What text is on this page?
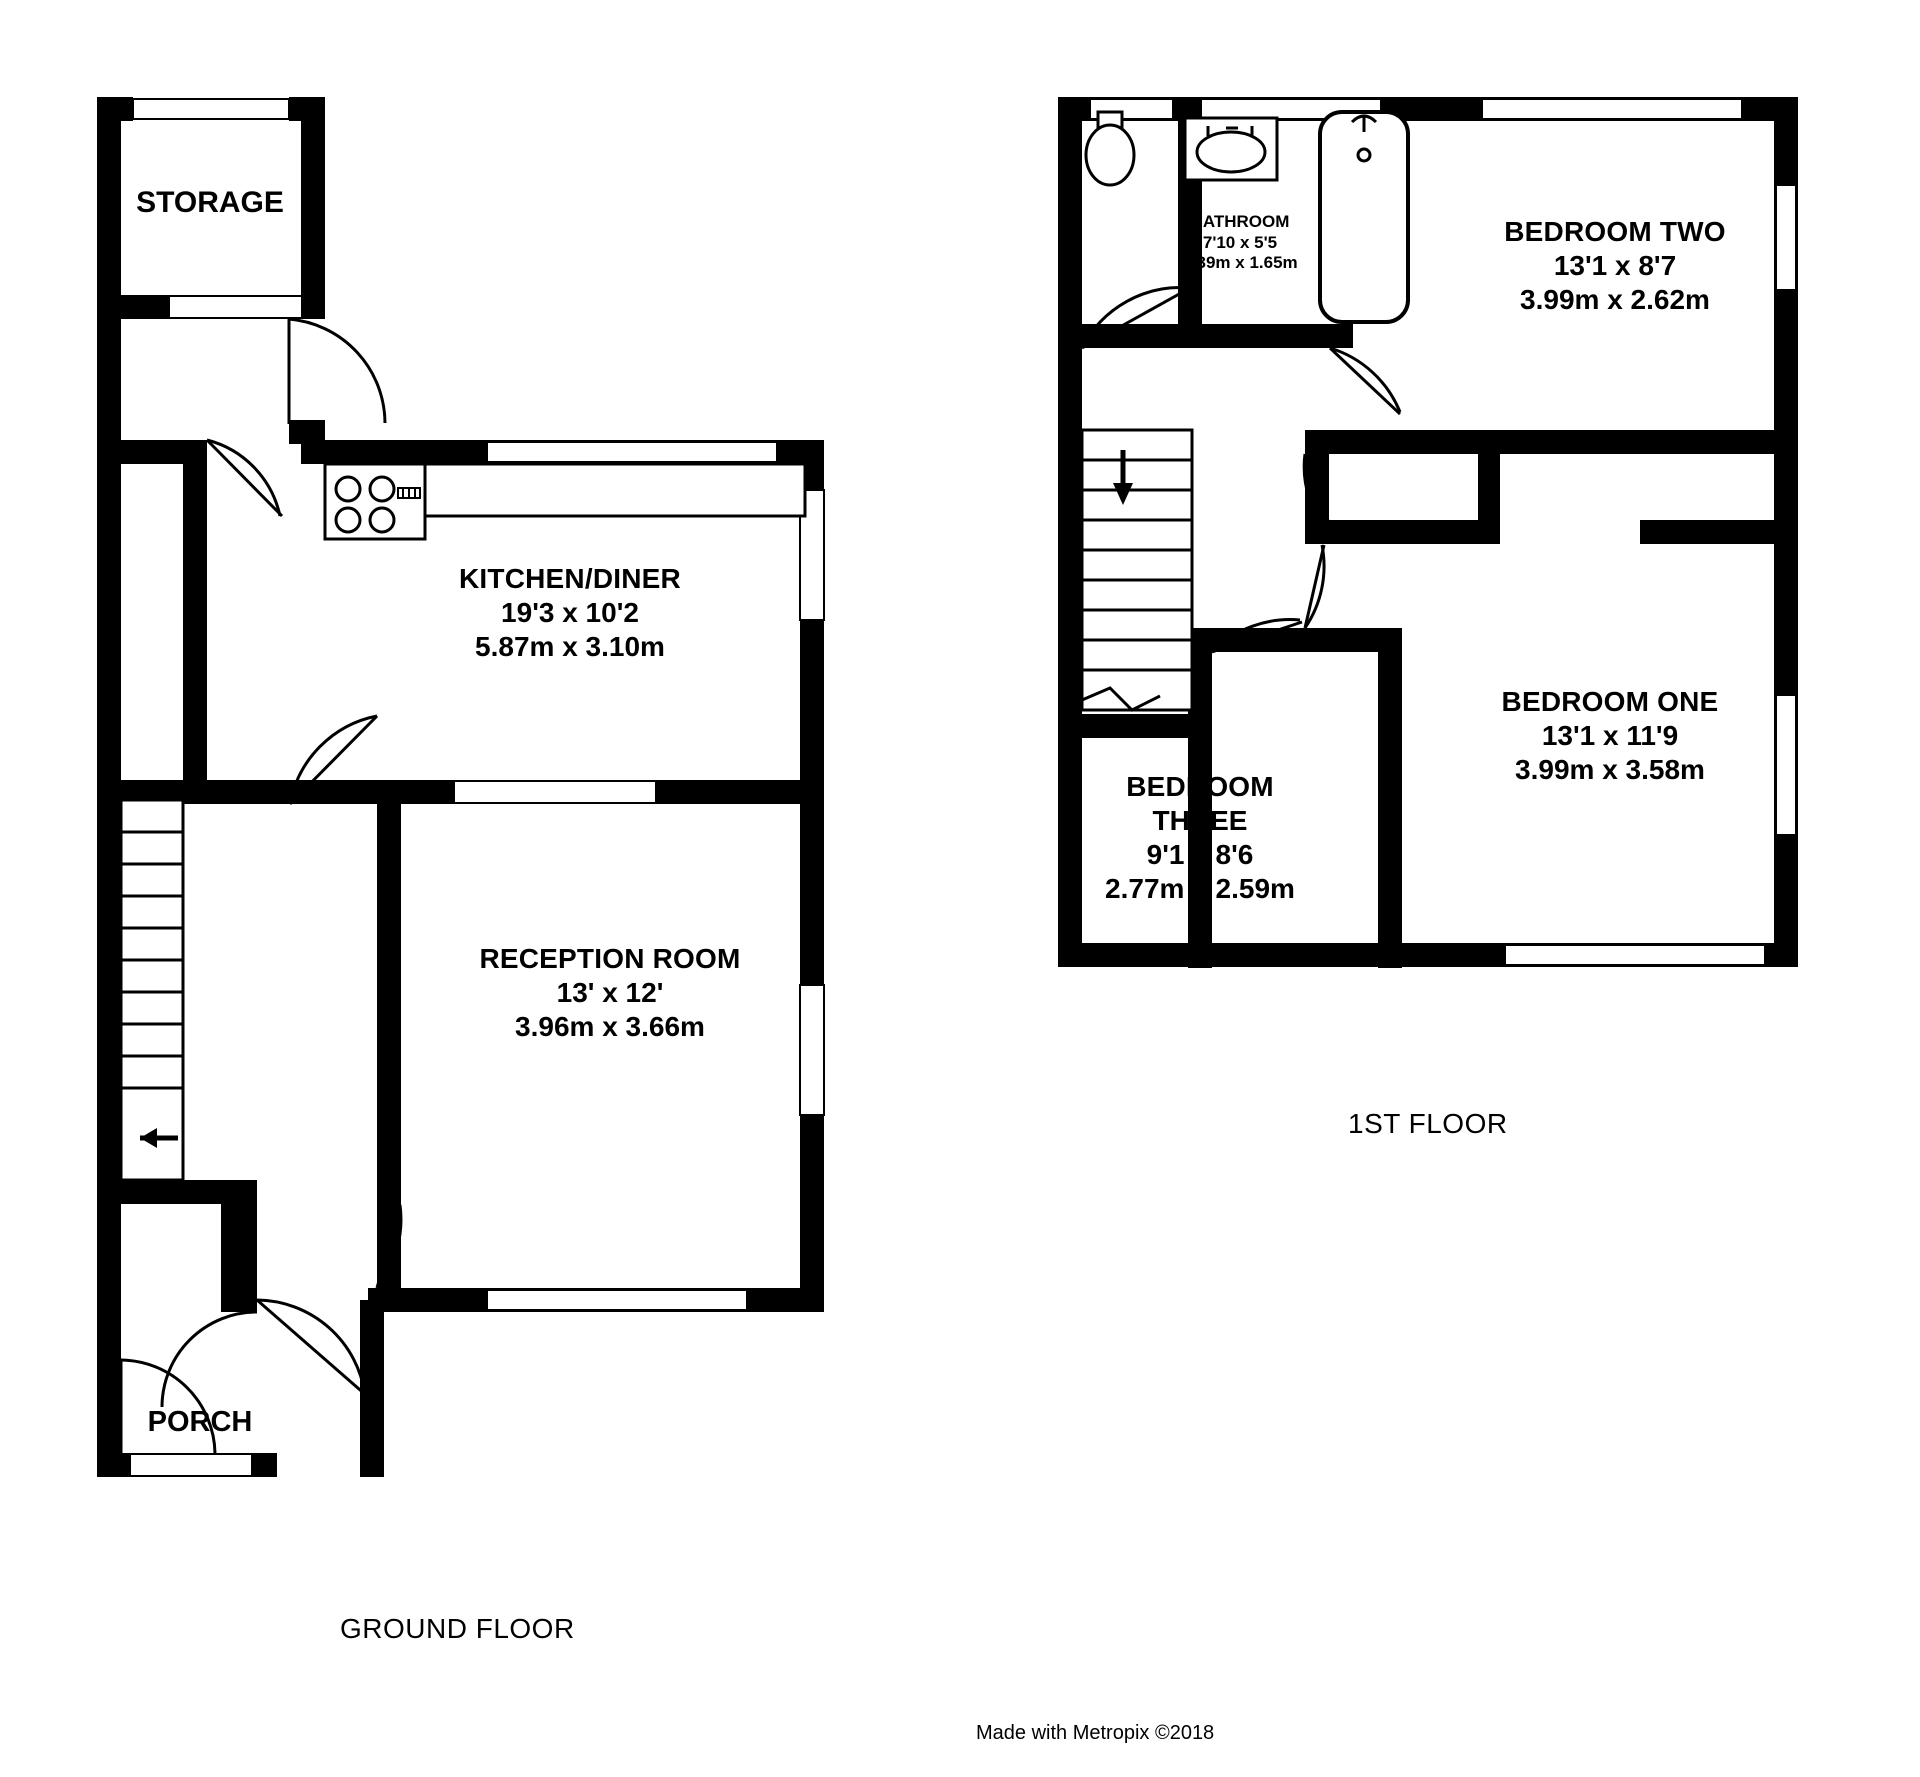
STORAGE
KITCHEN/DINER
19'3 x 10'2
5.87m x 3.10m
RECEPTION ROOM
13' x 12'
3.96m x 3.66m
PORCH
BATHROOM
7'10 x 5'5
2.39m x 1.65m
BEDROOM TWO
13'1 x 8'7
3.99m x 2.62m
BEDROOM ONE
13'1 x 11'9
3.99m x 3.58m
BEDROOM
THREE
9'1 x 8'6
2.77m x 2.59m
GROUND FLOOR
1ST FLOOR
Made with Metropix ©2018
